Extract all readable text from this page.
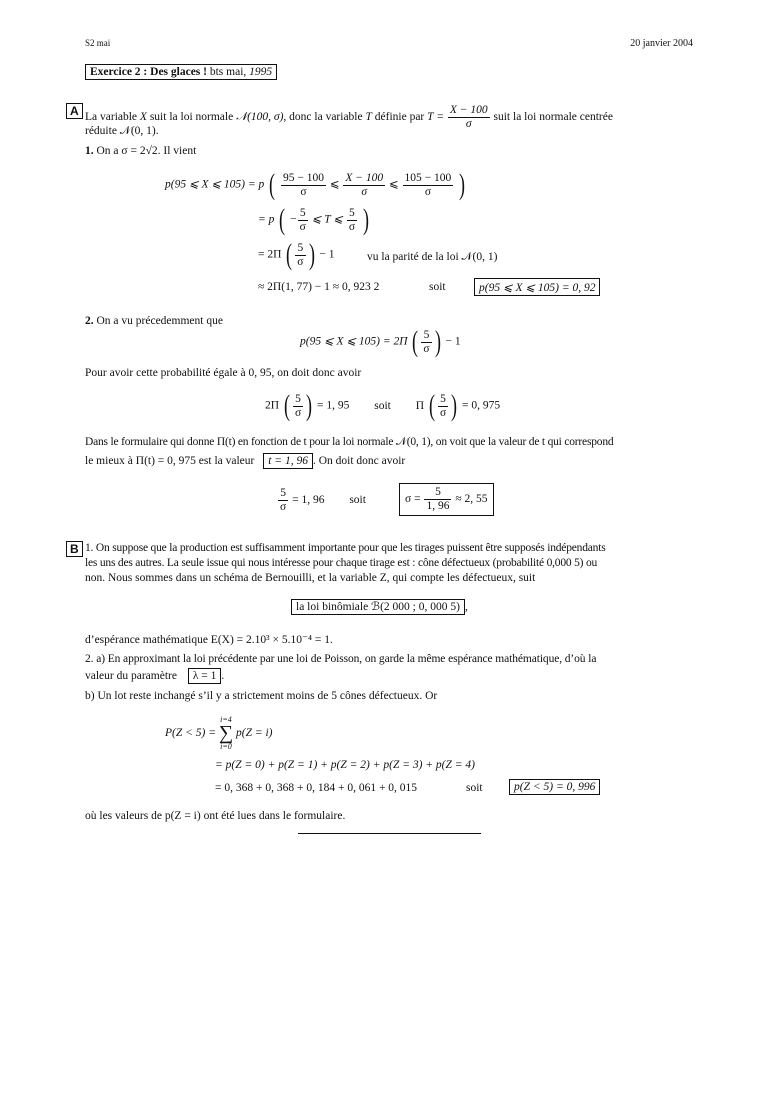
S2 mai	20 janvier 2004
Exercice 2 : Des glaces ! bts mai, 1995
A La variable X suit la loi normale 𝒩(100, σ), donc la variable T définie par $T = \frac{X - 100}{\sigma}$ suit la loi normale centrée
réduite 𝒩(0, 1).
1. On a σ = 2√2. Il vient
p(95 ⩽ X ⩽ 105) = p ( $\frac{95 - 100}{\sigma}$ ⩽ $\frac{X - 100}{\sigma}$ ⩽ $\frac{105 - 100}{\sigma}$ )
= p ( − $\frac{5}{\sigma}$ ⩽ T ⩽ $\frac{5}{\sigma}$ )
= 2Π ( $\frac{5}{\sigma}$ ) − 1	vu la parité de la loi 𝒩(0, 1)
≈ 2Π(1, 77) − 1 ≈ 0, 923 2	soit	p(95 ⩽ X ⩽ 105) = 0, 92
2. On a vu précedemment que
p(95 ⩽ X ⩽ 105) = 2Π ( $\frac{5}{\sigma}$ ) − 1
Pour avoir cette probabilité égale à 0, 95, on doit donc avoir
2Π ( $\frac{5}{\sigma}$ ) = 1, 95 soit Π ( $\frac{5}{\sigma}$ ) = 0, 975
Dans le formulaire qui donne Π(t) en fonction de t pour la loi normale 𝒩(0, 1), on voit que la valeur de t qui correspond
le mieux à Π(t) = 0, 975 est la valeur t = 1, 96 . On doit donc avoir
$\frac{5}{\sigma} = 1$, 96 soit	$\sigma = \frac{5}{1, 96} \approx 2$, 55
B 1. On suppose que la production est suffisamment importante pour que les tirages puissent être supposés indépendants
les uns des autres. La seule issue qui nous intéresse pour chaque tirage est : cône défectueux (probabilité 0,000 5) ou
non. Nous sommes dans un schéma de Bernouilli, et la variable Z, qui compte les défectueux, suit
la loi binômiale ℬ(2 000 ; 0, 000 5) ,
d’espérance mathématique E(X) = 2.10³ × 5.10⁻⁴ = 1.
2. a) En approximant la loi précédente par une loi de Poisson, on garde la même espérance mathématique, d’où la
valeur du paramètre λ = 1 .
b) Un lot reste inchangé s’il y a strictement moins de 5 cônes défectueux. Or
P(Z < 5) = i=4
∑
i=0 p(Z = i)
= p(Z = 0) + p(Z = 1) + p(Z = 2) + p(Z = 3) + p(Z = 4)
= 0, 368 + 0, 368 + 0, 184 + 0, 061 + 0, 015	soit	p(Z < 5) = 0, 996
où les valeurs de p(Z = i) ont été lues dans le formulaire.
